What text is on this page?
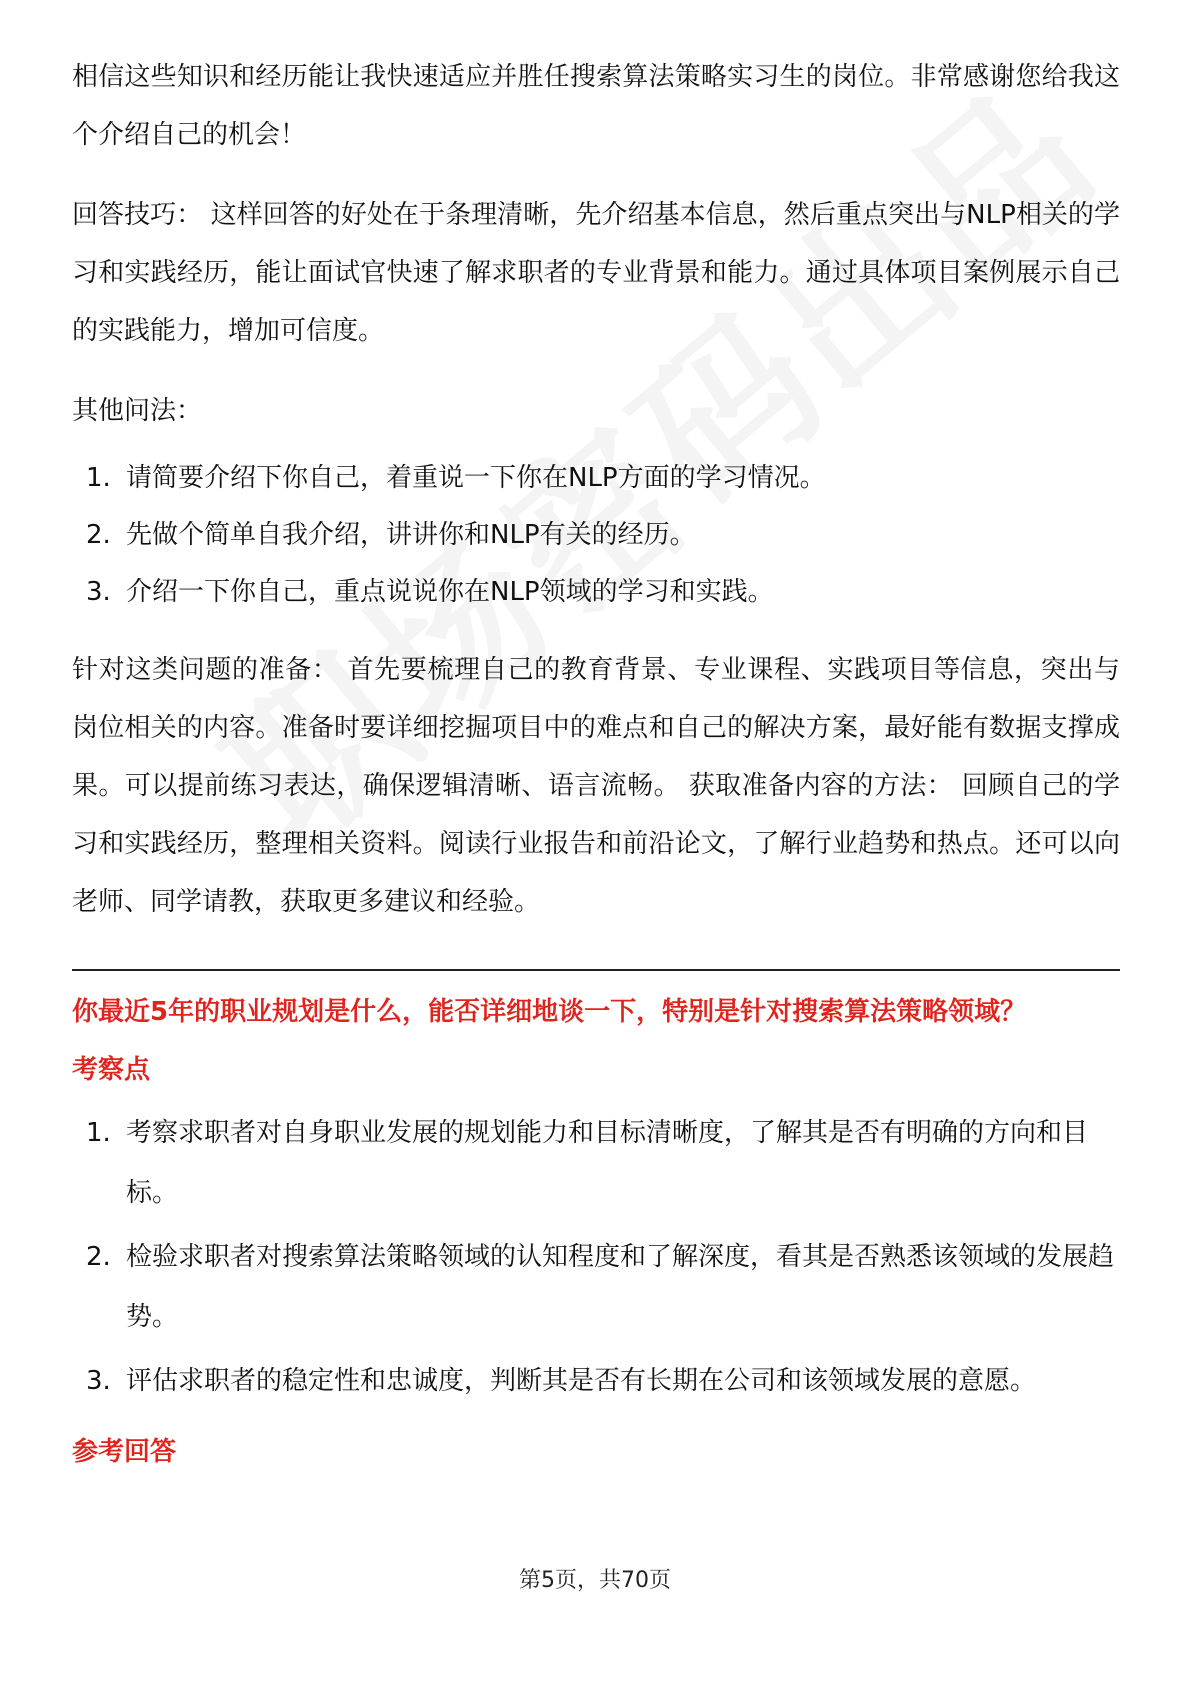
相信这些知识和经历能让我快速适应并胜任搜索算法策略实习生的岗位。非常感谢您给我这个介绍自己的机会！

回答技巧： 这样回答的好处在于条理清晰，先介绍基本信息，然后重点突出与NLP相关的学习和实践经历，能让面试官快速了解求职者的专业背景和能力。通过具体项目案例展示自己的实践能力，增加可信度。

其他问法：

1. 请简要介绍下你自己，着重说一下你在NLP方面的学习情况。
2. 先做个简单自我介绍，讲讲你和NLP有关的经历。
3. 介绍一下你自己，重点说说你在NLP领域的学习和实践。

针对这类问题的准备： 首先要梳理自己的教育背景、专业课程、实践项目等信息，突出与岗位相关的内容。准备时要详细挖掘项目中的难点和自己的解决方案，最好能有数据支撑成果。可以提前练习表达，确保逻辑清晰、语言流畅。 获取准备内容的方法： 回顾自己的学习和实践经历，整理相关资料。阅读行业报告和前沿论文，了解行业趋势和热点。还可以向老师、同学请教，获取更多建议和经验。

你最近5年的职业规划是什么，能否详细地谈一下，特别是针对搜索算法策略领域？

考察点

1. 考察求职者对自身职业发展的规划能力和目标清晰度，了解其是否有明确的方向和目标。
2. 检验求职者对搜索算法策略领域的认知程度和了解深度，看其是否熟悉该领域的发展趋势。
3. 评估求职者的稳定性和忠诚度，判断其是否有长期在公司和该领域发展的意愿。

参考回答

第5页，共70页
